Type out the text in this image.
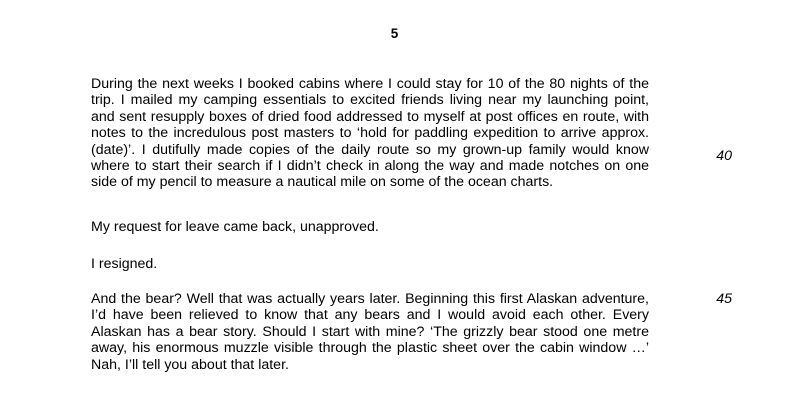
5
During the next weeks I booked cabins where I could stay for 10 of the 80 nights of the
trip. I mailed my camping essentials to excited friends living near my launching point,
and sent resupply boxes of dried food addressed to myself at post offices en route, with
notes to the incredulous post masters to ‘hold for paddling expedition to arrive approx.
(date)’. I dutifully made copies of the daily route so my grown-up family would know
where to start their search if I didn’t check in along the way and made notches on one
side of my pencil to measure a nautical mile on some of the ocean charts.
My request for leave came back, unapproved.
I resigned.
And the bear? Well that was actually years later. Beginning this first Alaskan adventure,
I’d have been relieved to know that any bears and I would avoid each other. Every
Alaskan has a bear story. Should I start with mine? ‘The grizzly bear stood one metre
away, his enormous muzzle visible through the plastic sheet over the cabin window …’
Nah, I’ll tell you about that later.
40
45
